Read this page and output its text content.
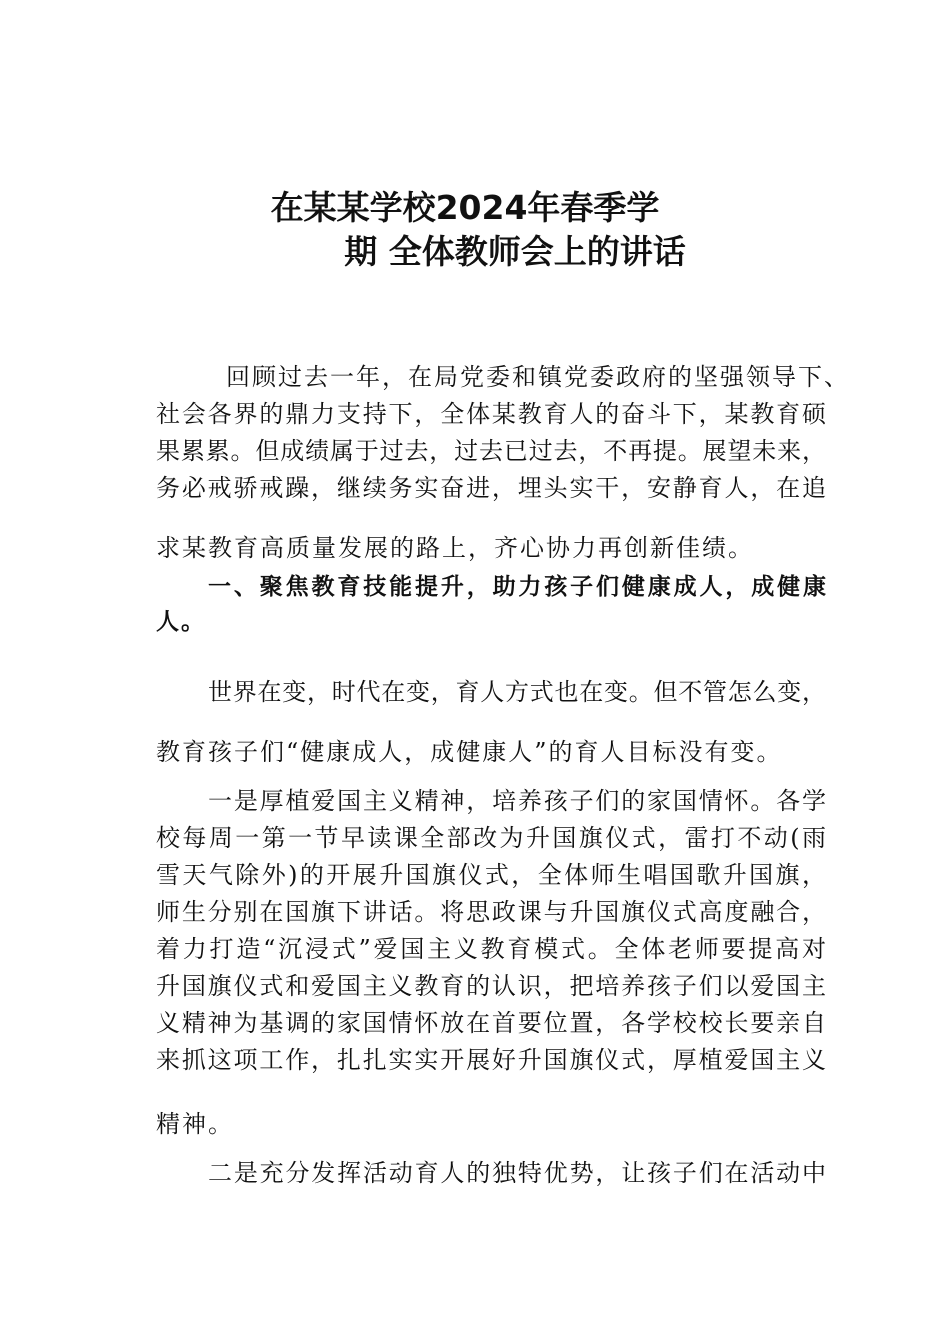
在某某学校2024年春季学
期 全体教师会上的讲话
回顾过去一年，在局党委和镇党委政府的坚强领导下、
社会各界的鼎力支持下，全体某教育人的奋斗下，某教育硕
果累累。但成绩属于过去，过去已过去，不再提。展望未来，
务必戒骄戒躁，继续务实奋进，埋头实干，安静育人，在追
求某教育高质量发展的路上，齐心协力再创新佳绩。
一、聚焦教育技能提升，助力孩子们健康成人，成健康
人。
世界在变，时代在变，育人方式也在变。但不管怎么变，
教育孩子们“健康成人，成健康人”的育人目标没有变。
一是厚植爱国主义精神，培养孩子们的家国情怀。各学
校每周一第一节早读课全部改为升国旗仪式，雷打不动(雨
雪天气除外)的开展升国旗仪式，全体师生唱国歌升国旗，
师生分别在国旗下讲话。将思政课与升国旗仪式高度融合，
着力打造“沉浸式”爱国主义教育模式。全体老师要提高对
升国旗仪式和爱国主义教育的认识，把培养孩子们以爱国主
义精神为基调的家国情怀放在首要位置，各学校校长要亲自
来抓这项工作，扎扎实实开展好升国旗仪式，厚植爱国主义
精神。
二是充分发挥活动育人的独特优势，让孩子们在活动中
